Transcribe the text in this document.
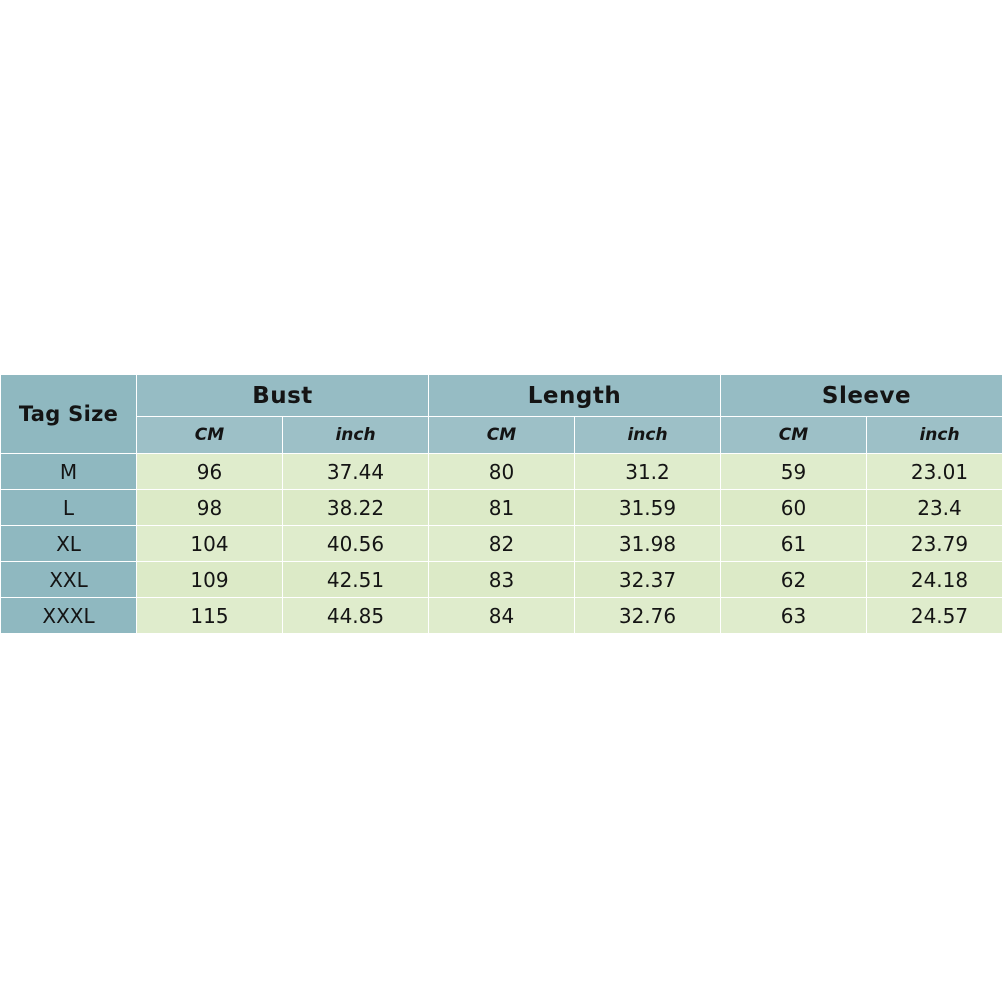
Tag Size	Bust		Length		Sleeve	
	CM	inch	CM	inch	CM	inch
M	96	37.44	80	31.2	59	23.01
L	98	38.22	81	31.59	60	23.4
XL	104	40.56	82	31.98	61	23.79
XXL	109	42.51	83	32.37	62	24.18
XXXL	115	44.85	84	32.76	63	24.57
